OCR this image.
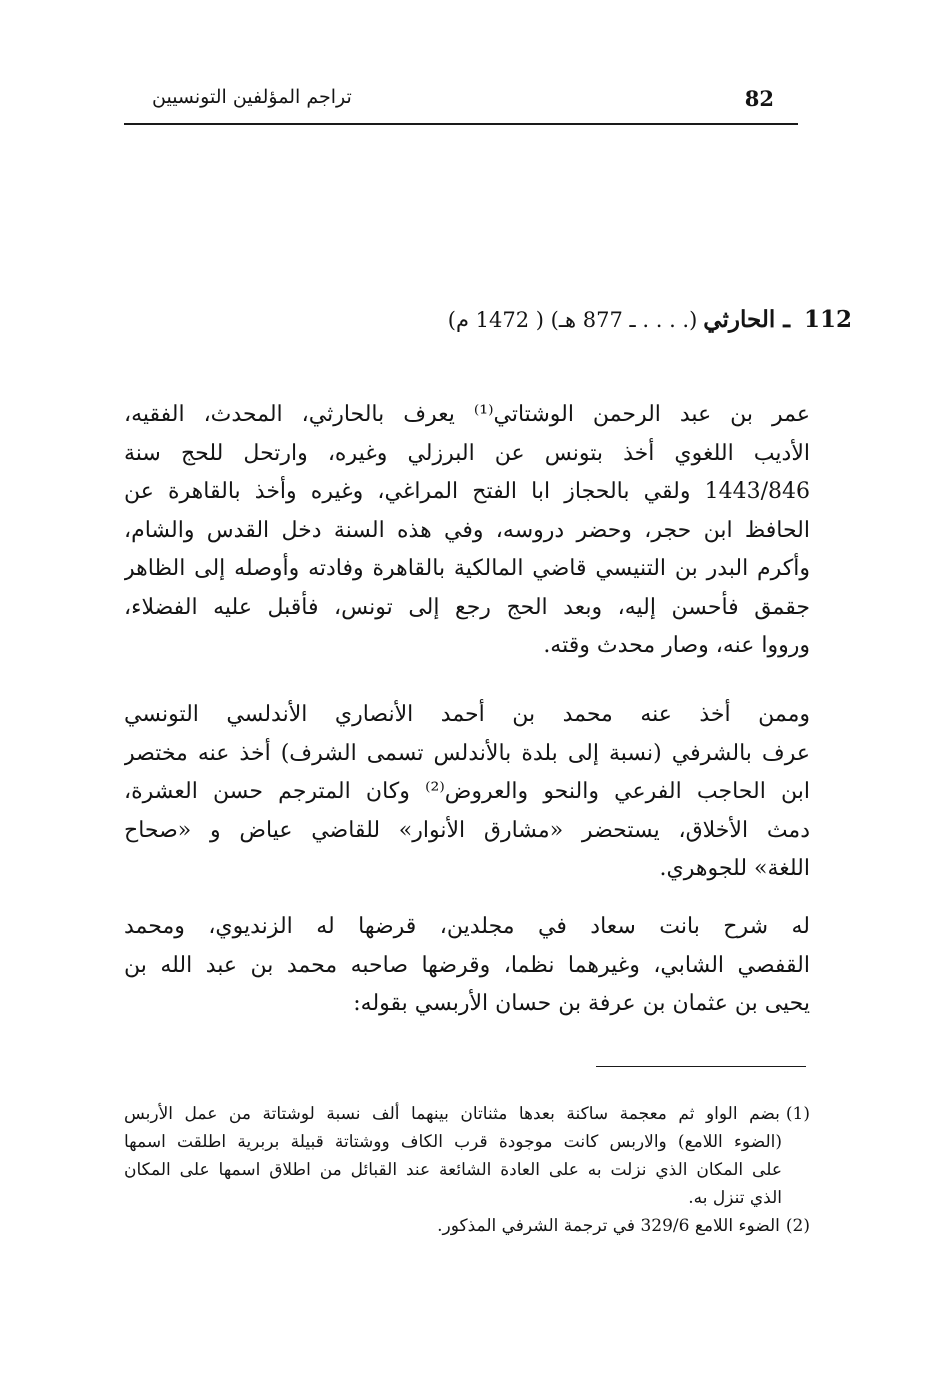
82
تراجم المؤلفين التونسيين
112ـ الحارثي(. . . . ـ 877 هـ) ( 1472 م)
عمر بن عبد الرحمن الوشتاتي⁽¹⁾ يعرف بالحارثي، المحدث، الفقيه،
الأديب اللغوي أخذ بتونس عن البرزلي وغيره، وارتحل للحج سنة
1443/846 ولقي بالحجاز ابا الفتح المراغي، وغيره وأخذ بالقاهرة عن
الحافظ ابن حجر، وحضر دروسه، وفي هذه السنة دخل القدس والشام،
وأكرم البدر بن التنيسي قاضي المالكية بالقاهرة وفادته وأوصله إلى الظاهر
جقمق فأحسن إليه، وبعد الحج رجع إلى تونس، فأقبل عليه الفضلاء،
ورووا عنه، وصار محدث وقته.
وممن أخذ عنه محمد بن أحمد الأنصاري الأندلسي التونسي
عرف بالشرفي (نسبة إلى بلدة بالأندلس تسمى الشرف) أخذ عنه مختصر
ابن الحاجب الفرعي والنحو والعروض⁽²⁾ وكان المترجم حسن العشرة،
دمث الأخلاق، يستحضر «مشارق الأنوار» للقاضي عياض و «صحاح
اللغة» للجوهري.
له شرح بانت سعاد في مجلدين، قرضها له الزنديوي، ومحمد
القفصي الشابي، وغيرهما نظما، وقرضها صاحبه محمد بن عبد الله بن
يحيى بن عثمان بن عرفة بن حسان الأربسي بقوله:
(1)بضم الواو ثم معجمة ساكنة بعدها مثناتان بينهما ألف نسبة لوشتاتة من عمل الأربس
(الضوء اللامع) والاربس كانت موجودة قرب الكاف ووشتاتة قبيلة بربرية اطلقت اسمها
على المكان الذي نزلت به على العادة الشائعة عند القبائل من اطلاق اسمها على المكان
الذي تنزل به.
(2)الضوء اللامع 329/6 في ترجمة الشرفي المذكور.
